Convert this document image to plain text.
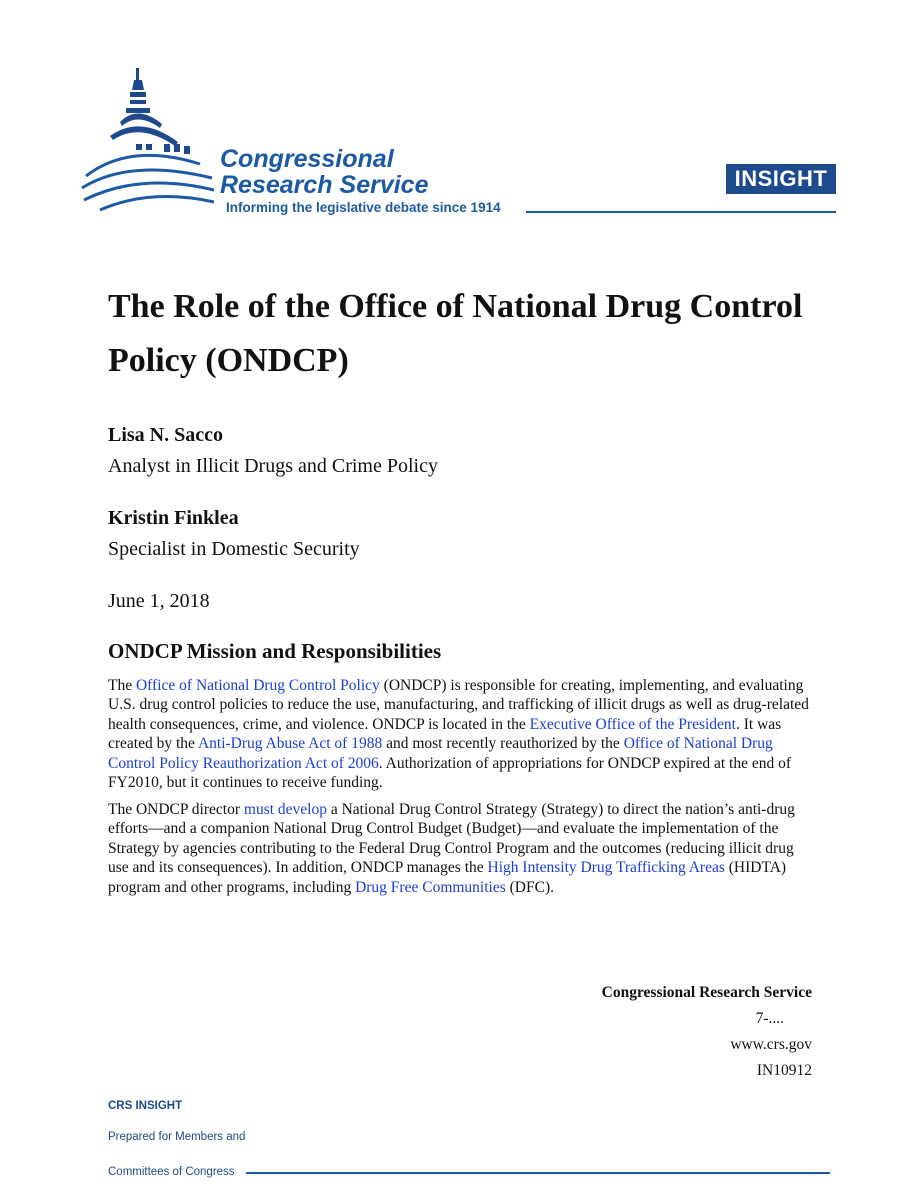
Congressional
Research Service
Informing the legislative debate since 1914
INSIGHT
The Role of the Office of National Drug Control Policy (ONDCP)
Lisa N. Sacco
Analyst in Illicit Drugs and Crime Policy
Kristin Finklea
Specialist in Domestic Security
June 1, 2018
ONDCP Mission and Responsibilities
The Office of National Drug Control Policy (ONDCP) is responsible for creating, implementing, and evaluating U.S. drug control policies to reduce the use, manufacturing, and trafficking of illicit drugs as well as drug-related health consequences, crime, and violence. ONDCP is located in the Executive Office of the President. It was created by the Anti-Drug Abuse Act of 1988 and most recently reauthorized by the Office of National Drug Control Policy Reauthorization Act of 2006. Authorization of appropriations for ONDCP expired at the end of FY2010, but it continues to receive funding.
The ONDCP director must develop a National Drug Control Strategy (Strategy) to direct the nation’s anti-drug efforts—and a companion National Drug Control Budget (Budget)—and evaluate the implementation of the Strategy by agencies contributing to the Federal Drug Control Program and the outcomes (reducing illicit drug use and its consequences). In addition, ONDCP manages the High Intensity Drug Trafficking Areas (HIDTA) program and other programs, including Drug Free Communities (DFC).
Congressional Research Service
7-....
www.crs.gov
IN10912
CRS INSIGHT
Prepared for Members and
Committees of Congress
